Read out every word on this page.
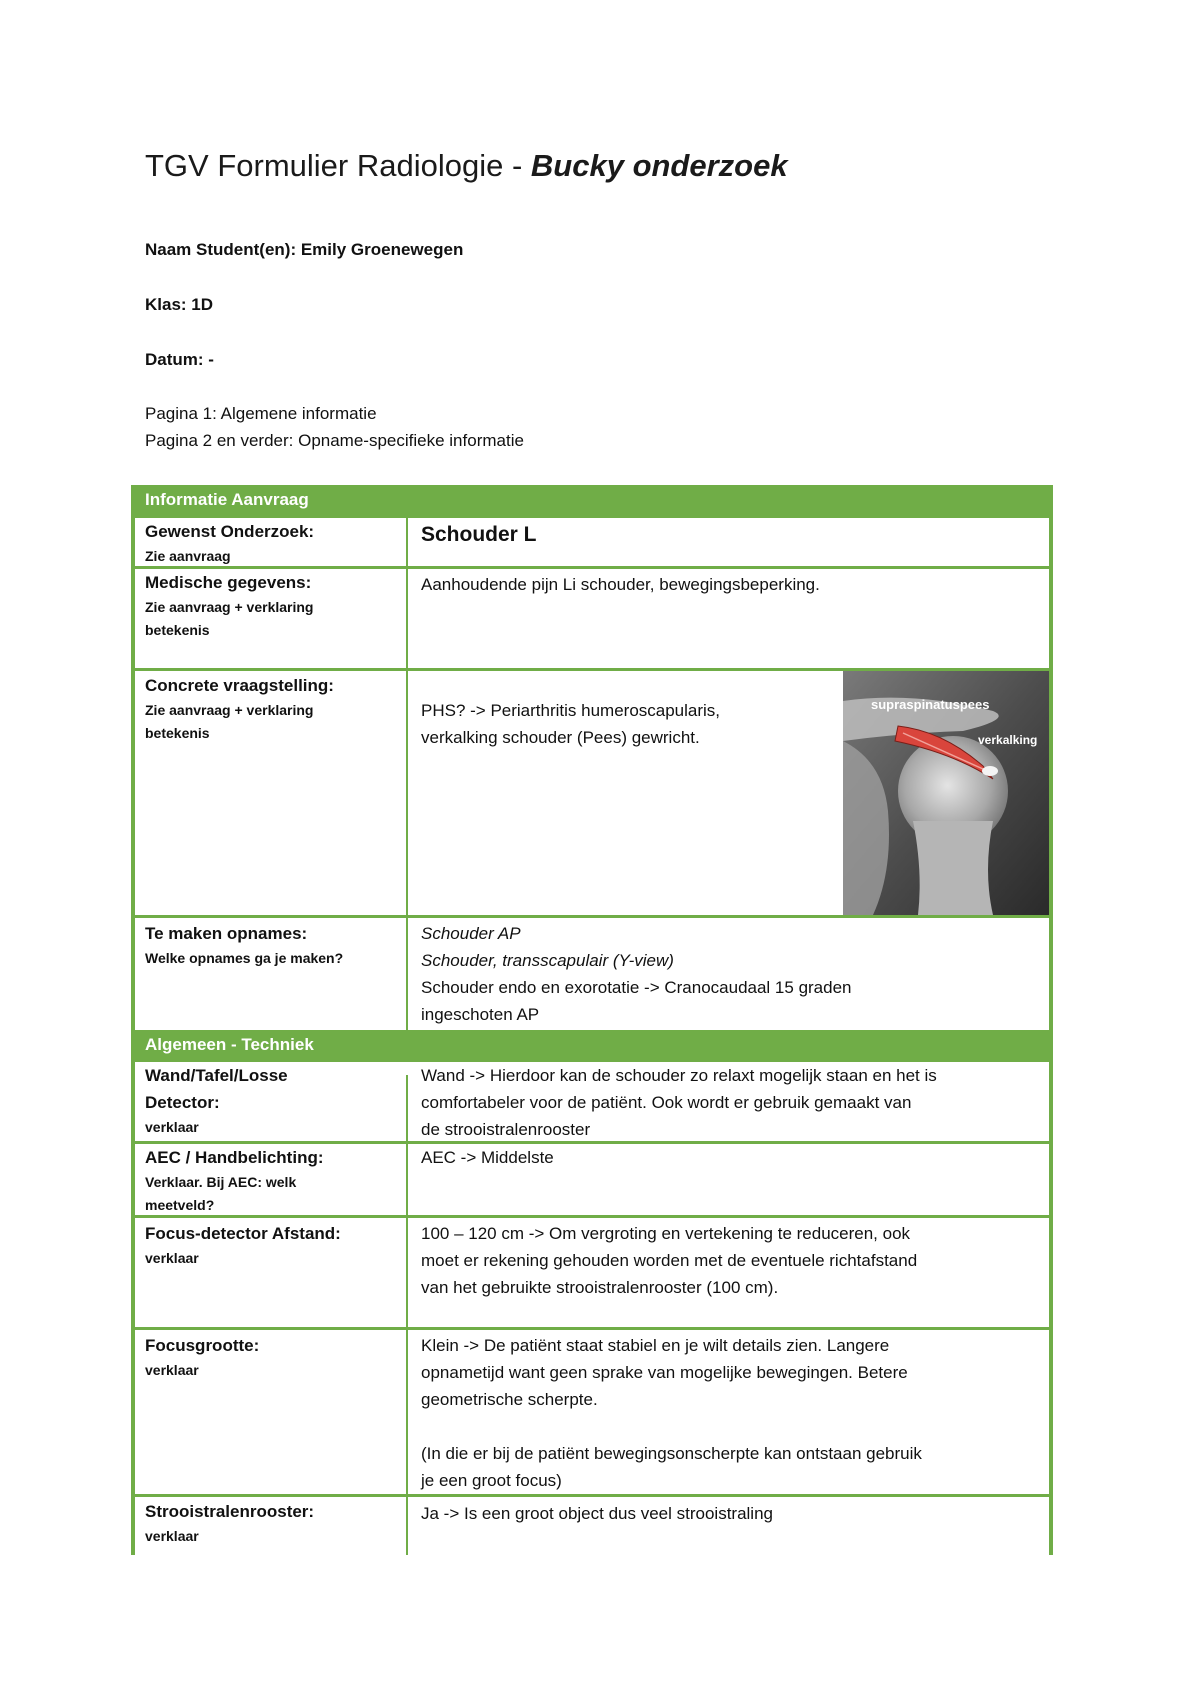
TGV Formulier Radiologie - Bucky onderzoek
Naam Student(en): Emily Groenewegen
Klas: 1D
Datum: -
Pagina 1: Algemene informatie
Pagina 2 en verder: Opname-specifieke informatie
Informatie Aanvraag
Gewenst Onderzoek:
Zie aanvraag
Schouder L
Medische gegevens:
Zie aanvraag + verklaring
betekenis
Aanhoudende pijn Li schouder, bewegingsbeperking.
Concrete vraagstelling:
Zie aanvraag + verklaring
betekenis
PHS? -> Periarthritis humeroscapularis,
verkalking schouder (Pees) gewricht.
supraspinatuspees
verkalking
Te maken opnames:
Welke opnames ga je maken?
Schouder AP
Schouder, transscapulair (Y-view)
Schouder endo en exorotatie -> Cranocaudaal 15 graden
ingeschoten AP
Algemeen - Techniek
Wand/Tafel/Losse
Detector:
verklaar
Wand -> Hierdoor kan de schouder zo relaxt mogelijk staan en het is
comfortabeler voor de patiënt. Ook wordt er gebruik gemaakt van
de strooistralenrooster
AEC / Handbelichting:
Verklaar. Bij AEC: welk
meetveld?
AEC -> Middelste
Focus-detector Afstand:
verklaar
100 – 120 cm -> Om vergroting en vertekening te reduceren, ook
moet er rekening gehouden worden met de eventuele richtafstand
van het gebruikte strooistralenrooster (100 cm).
Focusgrootte:
verklaar
Klein -> De patiënt staat stabiel en je wilt details zien. Langere
opnametijd want geen sprake van mogelijke bewegingen. Betere
geometrische scherpte.

(In die er bij de patiënt bewegingsonscherpte kan ontstaan gebruik
je een groot focus)
Strooistralenrooster:
verklaar
Ja -> Is een groot object dus veel strooistraling
